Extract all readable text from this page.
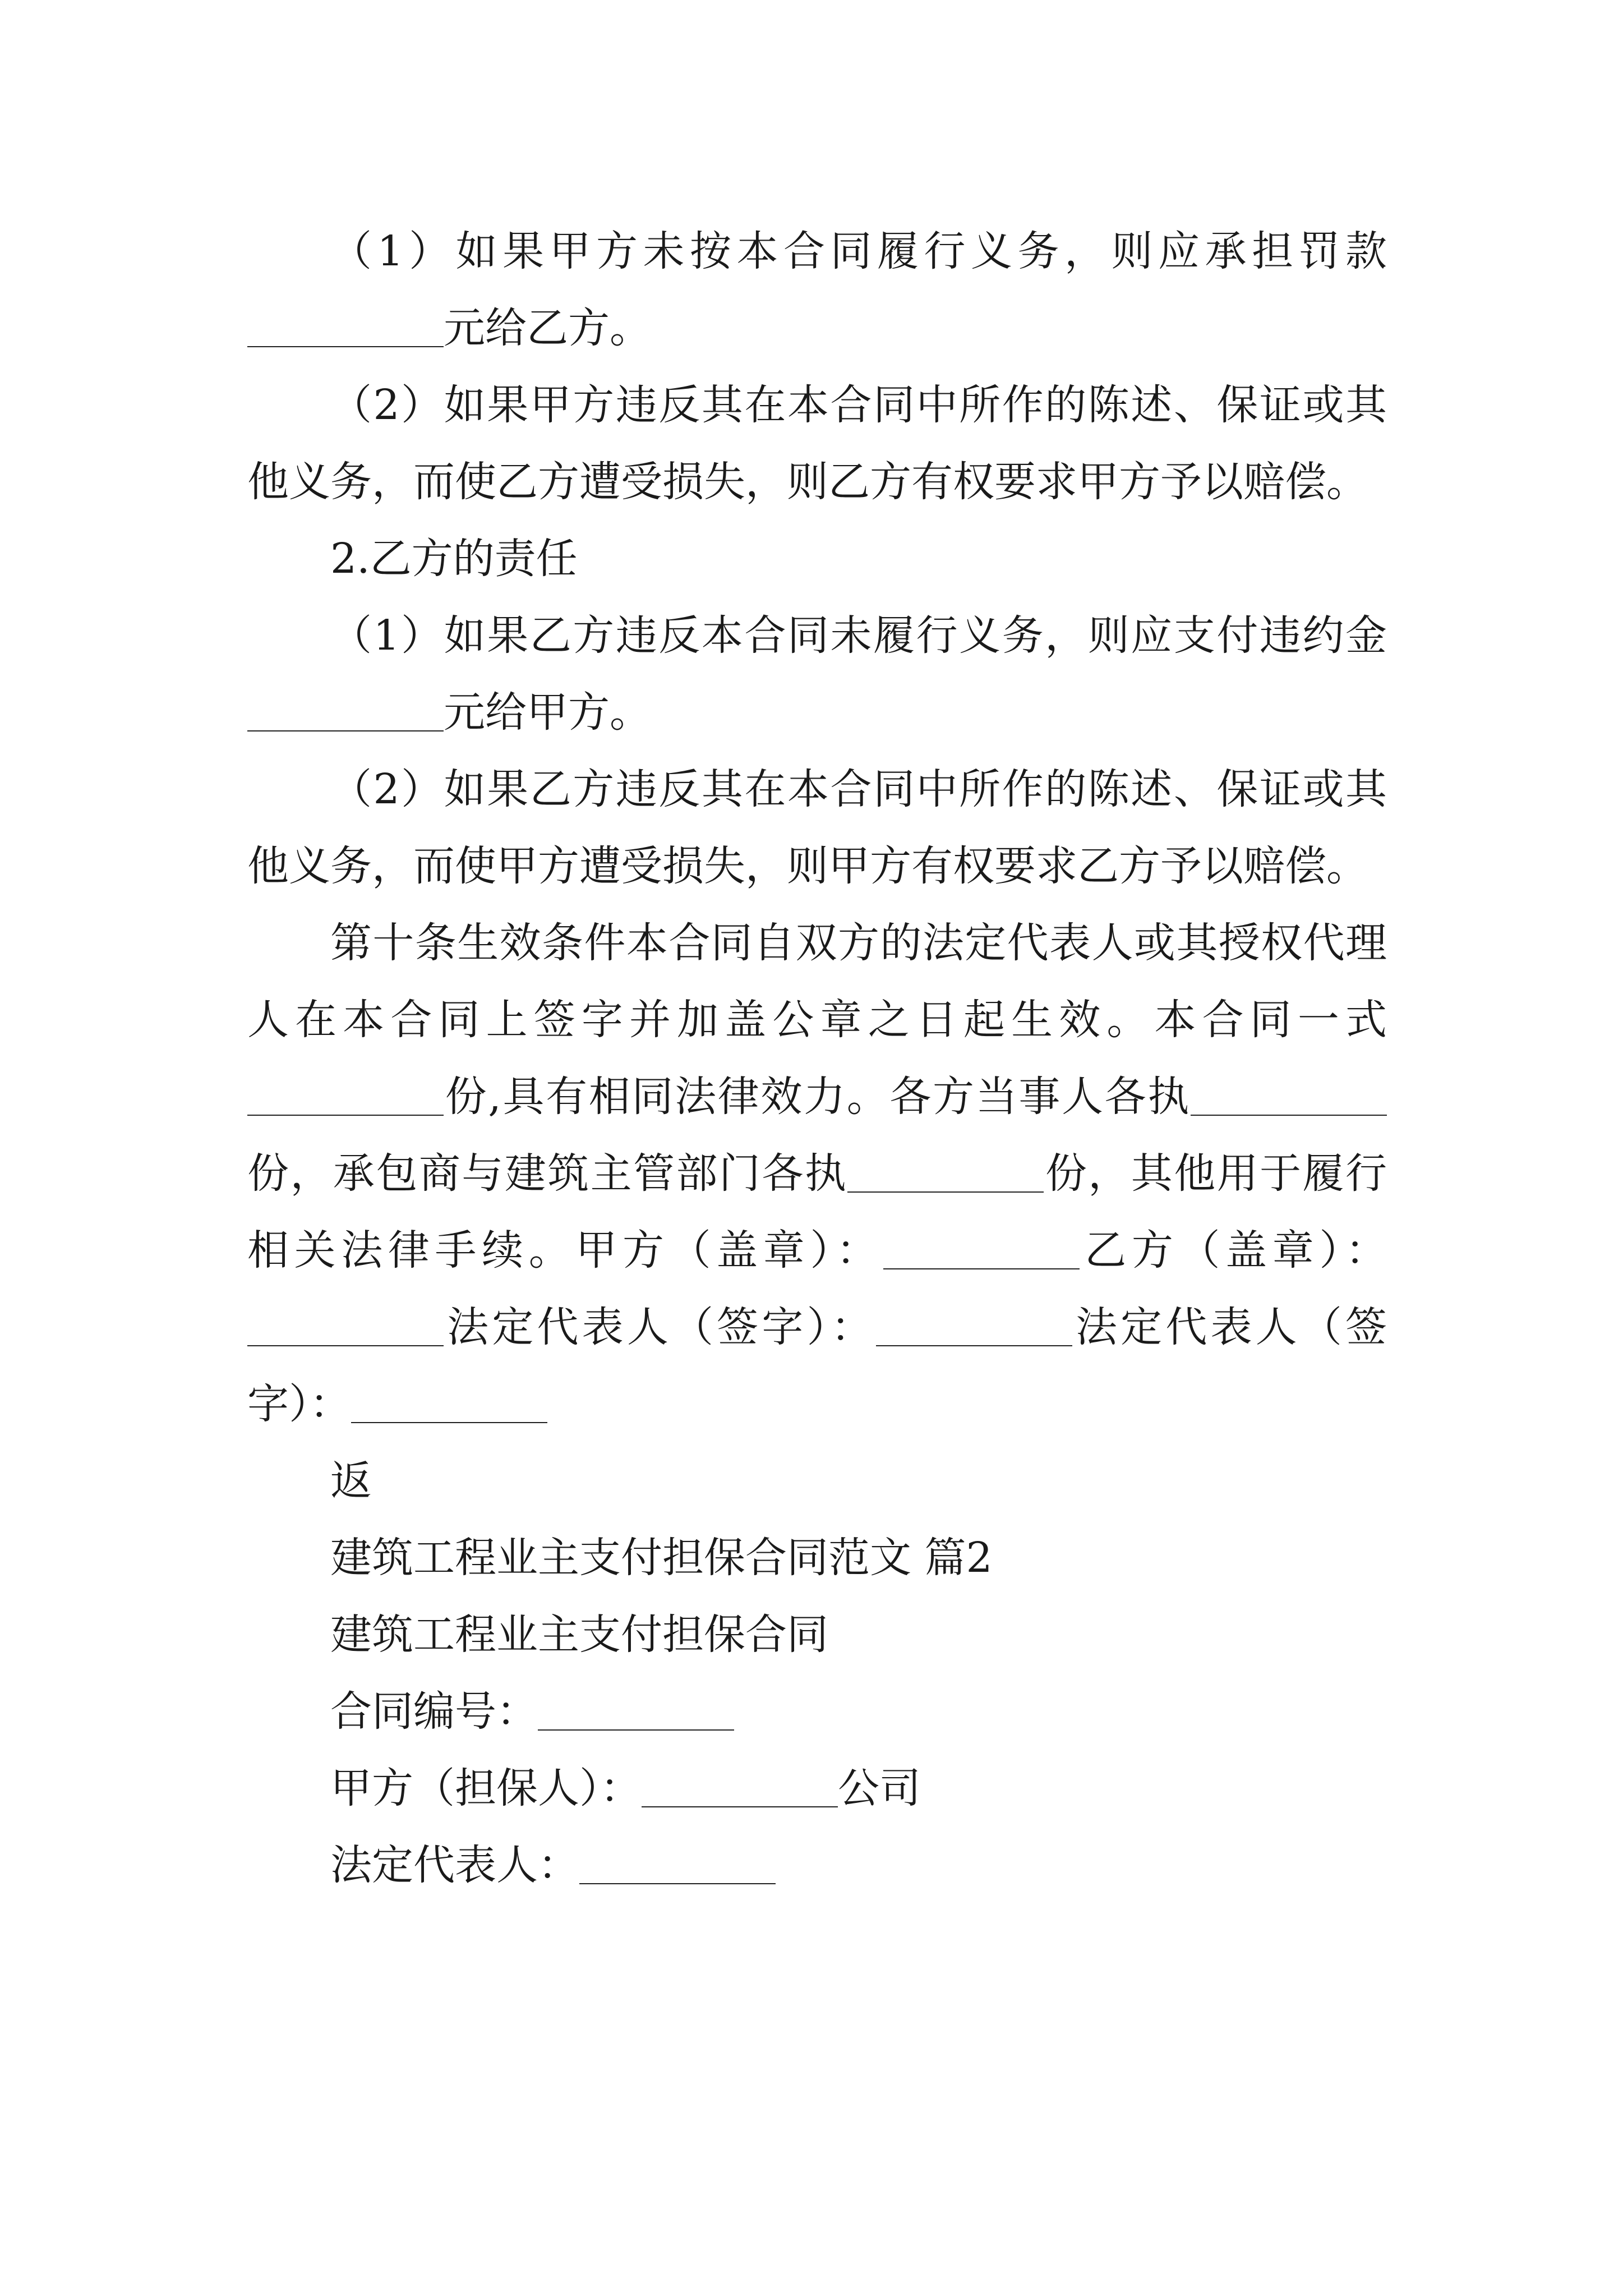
（1）如果甲方未按本合同履行义务，则应承担罚款元给乙方。

（2）如果甲方违反其在本合同中所作的陈述、保证或其他义务，而使乙方遭受损失，则乙方有权要求甲方予以赔偿。

2.乙方的责任

（1）如果乙方违反本合同未履行义务，则应支付违约金元给甲方。

（2）如果乙方违反其在本合同中所作的陈述、保证或其他义务，而使甲方遭受损失，则甲方有权要求乙方予以赔偿。

第十条生效条件本合同自双方的法定代表人或其授权代理人在本合同上签字并加盖公章之日起生效。本合同一式份,具有相同法律效力。各方当事人各执份，承包商与建筑主管部门各执	份，其他用于履行相关法律手续。甲方（盖章）：	乙方（盖章）：法定代表人（签字）：	法定代表人（签字）：

返

建筑工程业主支付担保合同范文 篇2

建筑工程业主支付担保合同

合同编号：

甲方（担保人）：	公司

法定代表人：
